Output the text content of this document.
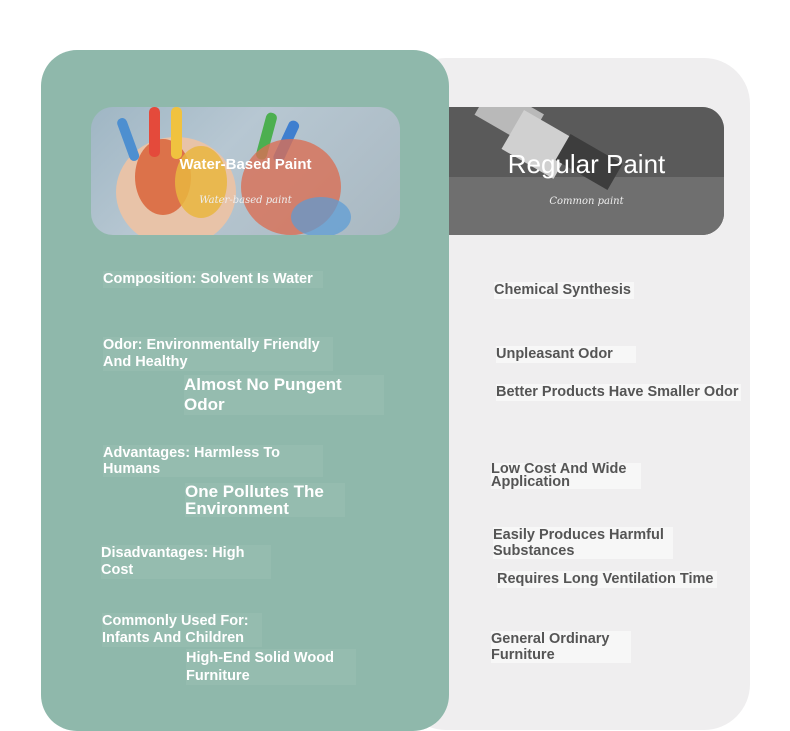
Water-Based Paint
Water-based paint
Regular Paint
Common paint
Composition: Solvent Is Water
Odor: Environmentally Friendly And Healthy
Almost No Pungent Odor
Advantages: Harmless To Humans
One Pollutes The Environment
Disadvantages: High Cost
Commonly Used For: Infants And Children
High-End Solid Wood Furniture
Chemical Synthesis
Unpleasant Odor
Better Products Have Smaller Odor
Low Cost And Wide Application
Easily Produces Harmful Substances
Requires Long Ventilation Time
General Ordinary Furniture
